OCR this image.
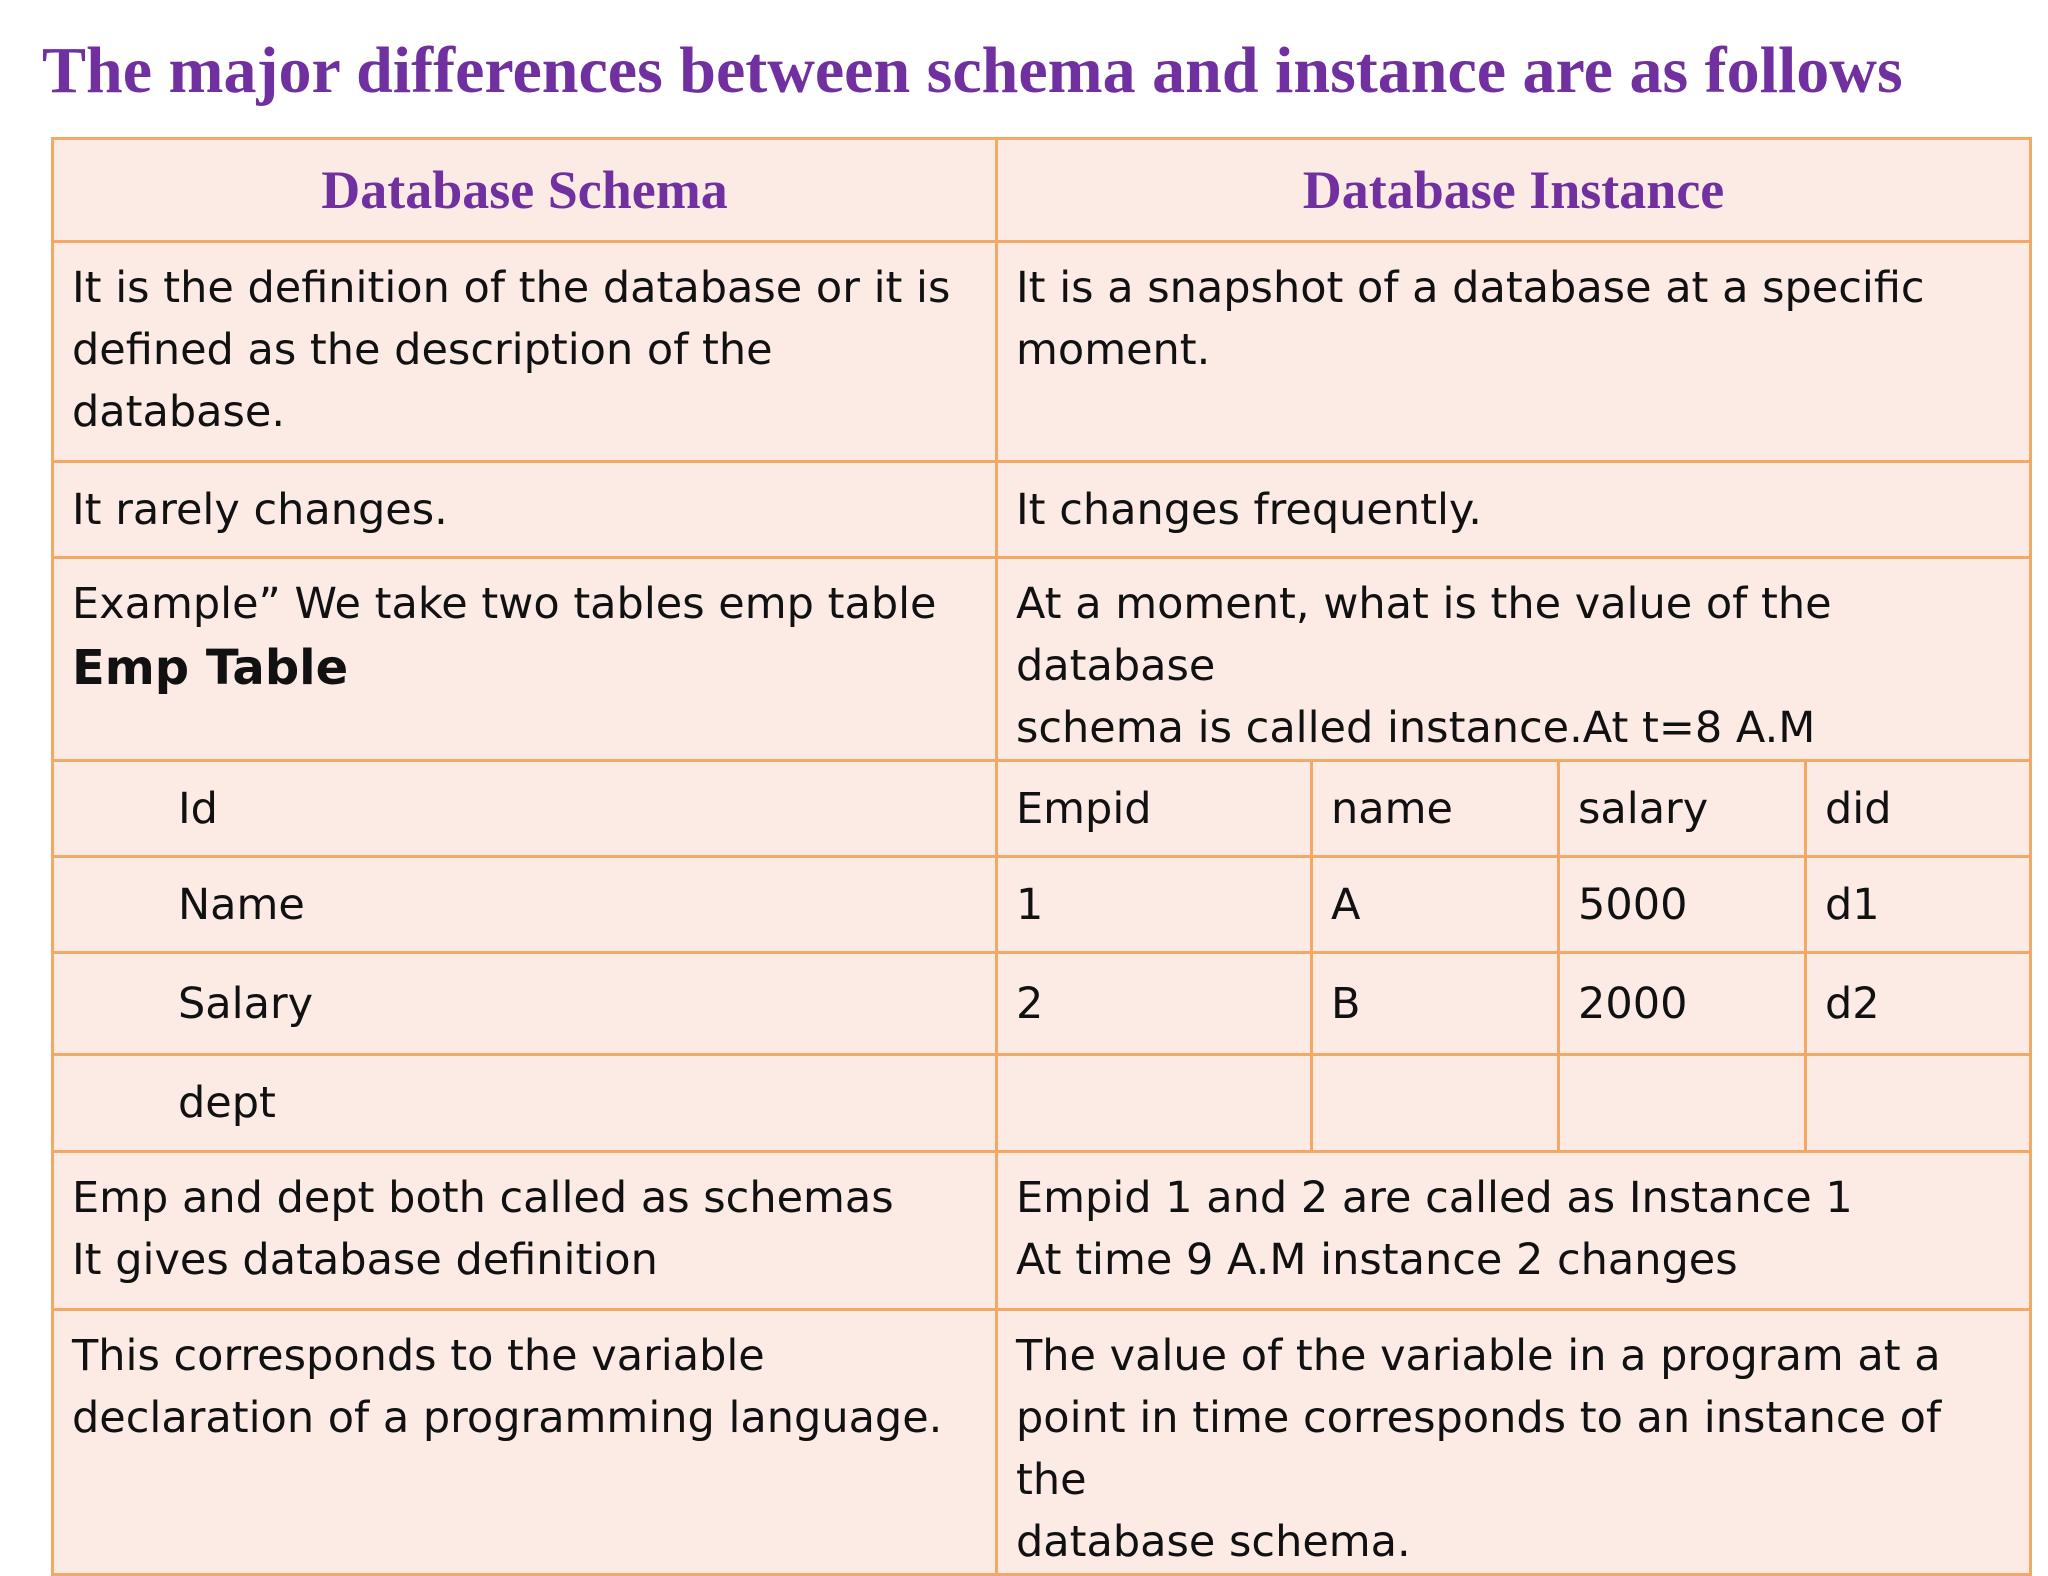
The major differences between schema and instance are as follows
Database Schema	Database Instance			

It is the definition of the database or it is
defined as the description of the database.	It is a snapshot of a database at a specific
moment.			

It rarely changes.	It changes frequently.			

Example” We take two tables emp table
Emp Table	At a moment, what is the value of the database
schema is called instance.At t=8 A.M			

Id	Empid	name	salary	did
Name	1	A	5000	d1
Salary	2	B	2000	d2
dept				

Emp and dept both called as schemas
It gives database definition	Empid 1 and 2 are called as Instance 1
At time 9 A.M instance 2 changes			

This corresponds to the variable
declaration of a programming language.	The value of the variable in a program at a
point in time corresponds to an instance of the
database schema.			
